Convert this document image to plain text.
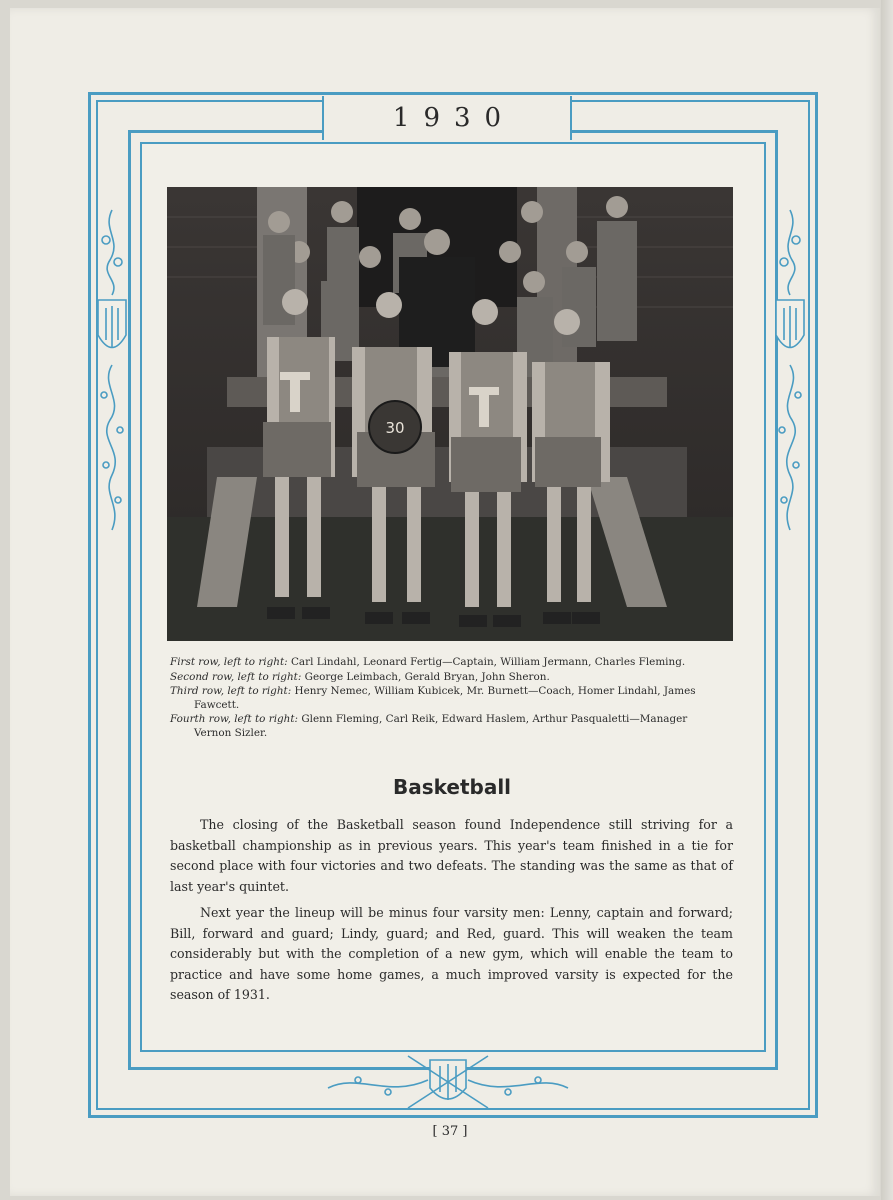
1930
30

First row, left to right: Carl Lindahl, Leonard Fertig—Captain, William Jermann, Charles Fleming.

Second row, left to right: George Leimbach, Gerald Bryan, John Sheron.

Third row, left to right: Henry Nemec, William Kubicek, Mr. Burnett—Coach, Homer Lindahl, James
Fawcett.

Fourth row, left to right: Glenn Fleming, Carl Reik, Edward Haslem, Arthur Pasqualetti—Manager
Vernon Sizler.

Basketball

The closing of the Basketball season found Independence still striving for a basketball championship as in previous years. This year's team finished in a tie for second place with four victories and two defeats. The standing was the same as that of last year's quintet.

Next year the lineup will be minus four varsity men: Lenny, captain and forward; Bill, forward and guard; Lindy, guard; and Red, guard. This will weaken the team considerably but with the completion of a new gym, which will enable the team to practice and have some home games, a much improved varsity is expected for the season of 1931.

[ 37 ]
